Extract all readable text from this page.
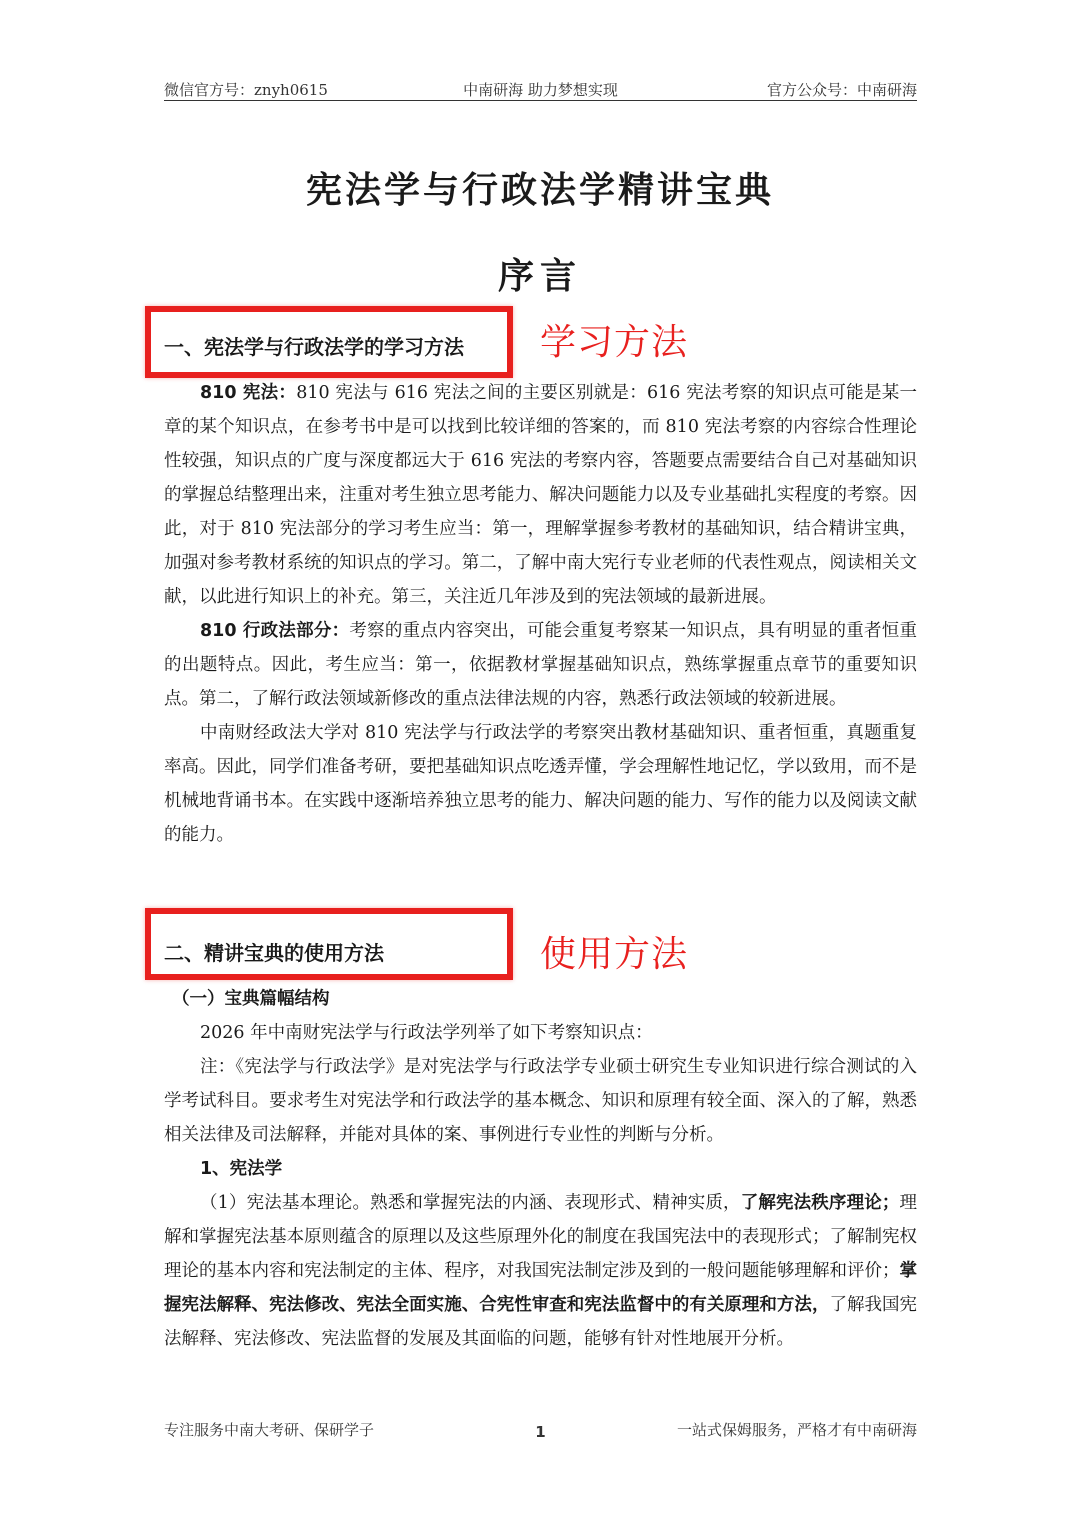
微信官方号：znyh0615	中南研海 助力梦想实现	官方公众号：中南研海
宪法学与行政法学精讲宝典
序言
一、宪法学与行政法学的学习方法 学习方法

810 宪法：810 宪法与 616 宪法之间的主要区别就是：616 宪法考察的知识点可能是某一章的某个知识点，在参考书中是可以找到比较详细的答案的，而 810 宪法考察的内容综合性理论性较强，知识点的广度与深度都远大于 616 宪法的考察内容，答题要点需要结合自己对基础知识的掌握总结整理出来，注重对考生独立思考能力、解决问题能力以及专业基础扎实程度的考察。因此，对于 810 宪法部分的学习考生应当：第一，理解掌握参考教材的基础知识，结合精讲宝典，加强对参考教材系统的知识点的学习。第二，了解中南大宪行专业老师的代表性观点，阅读相关文献，以此进行知识上的补充。第三，关注近几年涉及到的宪法领域的最新进展。

810 行政法部分：考察的重点内容突出，可能会重复考察某一知识点，具有明显的重者恒重的出题特点。因此，考生应当：第一，依据教材掌握基础知识点，熟练掌握重点章节的重要知识点。第二，了解行政法领域新修改的重点法律法规的内容，熟悉行政法领域的较新进展。

中南财经政法大学对 810 宪法学与行政法学的考察突出教材基础知识、重者恒重，真题重复率高。因此，同学们准备考研，要把基础知识点吃透弄懂，学会理解性地记忆，学以致用，而不是机械地背诵书本。在实践中逐渐培养独立思考的能力、解决问题的能力、写作的能力以及阅读文献的能力。

二、精讲宝典的使用方法	使用方法

（一）宝典篇幅结构

2026 年中南财宪法学与行政法学列举了如下考察知识点：

注：《宪法学与行政法学》是对宪法学与行政法学专业硕士研究生专业知识进行综合测试的入学考试科目。要求考生对宪法学和行政法学的基本概念、知识和原理有较全面、深入的了解，熟悉相关法律及司法解释，并能对具体的案、事例进行专业性的判断与分析。

1、宪法学

（1）宪法基本理论。熟悉和掌握宪法的内涵、表现形式、精神实质，了解宪法秩序理论；理解和掌握宪法基本原则蕴含的原理以及这些原理外化的制度在我国宪法中的表现形式；了解制宪权理论的基本内容和宪法制定的主体、程序，对我国宪法制定涉及到的一般问题能够理解和评价；掌握宪法解释、宪法修改、宪法全面实施、合宪性审查和宪法监督中的有关原理和方法，了解我国宪法解释、宪法修改、宪法监督的发展及其面临的问题，能够有针对性地展开分析。

专注服务中南大考研、保研学子	1	一站式保姆服务，严格才有中南研海
